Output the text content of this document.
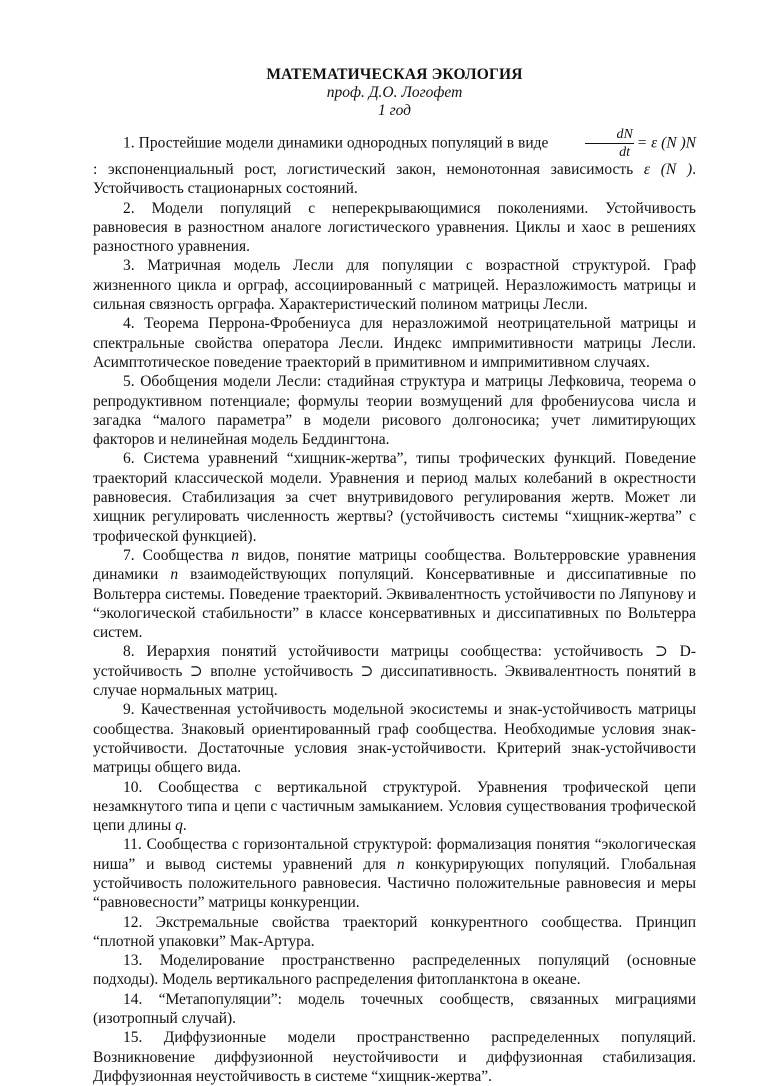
МАТЕМАТИЧЕСКАЯ ЭКОЛОГИЯ
проф. Д.О. Логофет
1 год

1. Простейшие модели динамики однородных популяций в виде	$\frac{dN}{dt} = \varepsilon$ (N )N: экспоненциальный рост, логистический закон, немонотонная зависимость ε (N ). Устойчивость стационарных состояний.

2. Модели популяций с неперекрывающимися поколениями. Устойчивость равновесия в разностном аналоге логистического уравнения. Циклы и хаос в решениях разностного уравнения.

3. Матричная модель Лесли для популяции с возрастной структурой. Граф жизненного цикла и орграф, ассоциированный с матрицей. Неразложимость матрицы и сильная связность орграфа. Характеристический полином матрицы Лесли.

4. Теорема Перрона-Фробениуса для неразложимой неотрицательной матрицы и спектральные свойства оператора Лесли. Индекс импримитивности матрицы Лесли. Асимптотическое поведение траекторий в примитивном и импримитивном случаях.

5. Обобщения модели Лесли: стадийная структура и матрицы Лефковича, теорема о репродуктивном потенциале; формулы теории возмущений для фробениусова числа и загадка “малого параметра” в модели рисового долгоносика; учет лимитирующих факторов и нелинейная модель Беддингтона.

6. Система уравнений “хищник-жертва”, типы трофических функций. Поведение траекторий классической модели. Уравнения и период малых колебаний в окрестности равновесия. Стабилизация за счет внутривидового регулирования жертв. Может ли хищник регулировать численность жертвы? (устойчивость системы “хищник-жертва” с трофической функцией).

7. Сообщества n видов, понятие матрицы сообщества. Вольтерровские уравнения динамики n взаимодействующих популяций. Консервативные и диссипативные по Вольтерра системы. Поведение траекторий. Эквивалентность устойчивости по Ляпунову и “экологической стабильности” в классе консервативных и диссипативных по Вольтерра систем.

8. Иерархия понятий устойчивости матрицы сообщества: устойчивость ⊃ D-устойчивость ⊃ вполне устойчивость ⊃ диссипативность. Эквивалентность понятий в случае нормальных матриц.

9. Качественная устойчивость модельной экосистемы и знак-устойчивость матрицы сообщества. Знаковый ориентированный граф сообщества. Необходимые условия знак-устойчивости. Достаточные условия знак-устойчивости. Критерий знак-устойчивости матрицы общего вида.

10. Сообщества с вертикальной структурой. Уравнения трофической цепи незамкнутого типа и цепи с частичным замыканием. Условия существования трофической цепи длины q.

11. Сообщества с горизонтальной структурой: формализация понятия “экологическая ниша” и вывод системы уравнений для n конкурирующих популяций. Глобальная устойчивость положительного равновесия. Частично положительные равновесия и меры “равновесности” матрицы конкуренции.

12. Экстремальные свойства траекторий конкурентного сообщества. Принцип “плотной упаковки” Мак-Артура.

13. Моделирование пространственно распределенных популяций (основные подходы). Модель вертикального распределения фитопланктона в океане.

14. “Метапопуляции”: модель точечных сообществ, связанных миграциями (изотропный случай).

15. Диффузионные модели пространственно распределенных популяций. Возникновение диффузионной неустойчивости и диффузионная стабилизация. Диффузионная неустойчивость в системе “хищник-жертва”.
